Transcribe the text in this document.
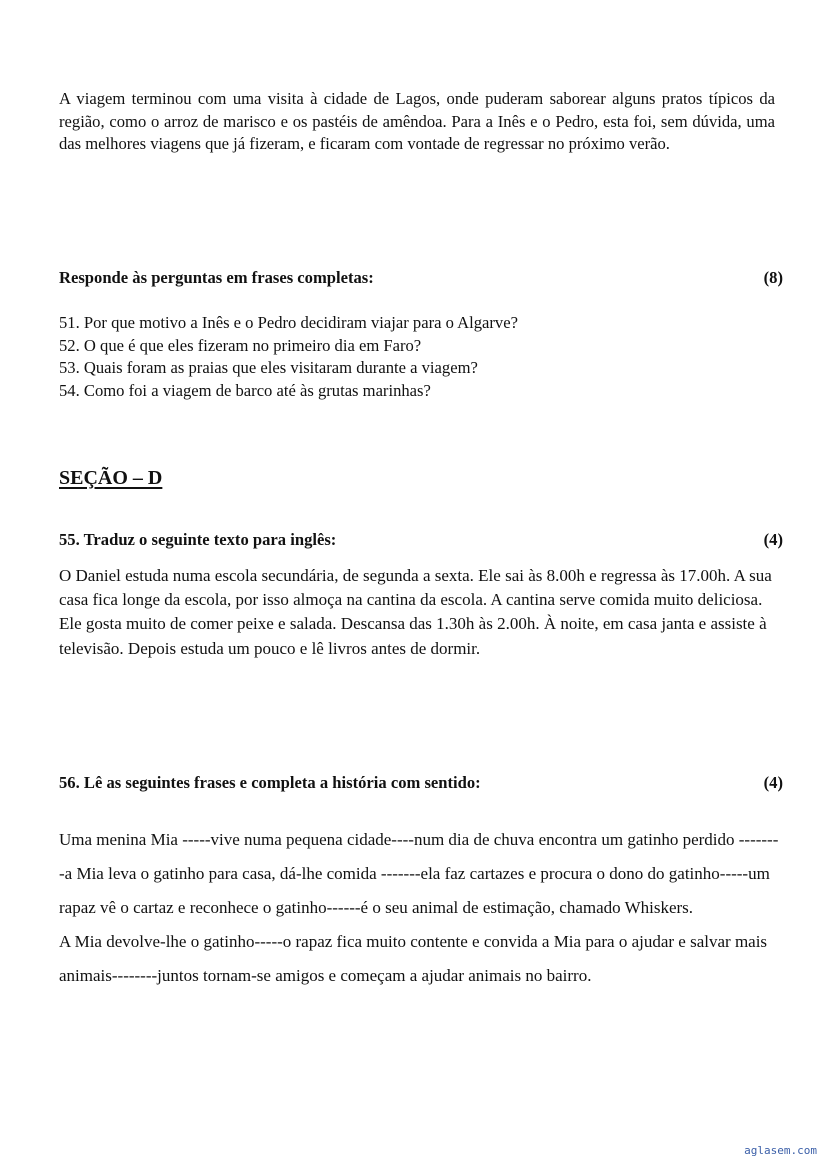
A viagem terminou com uma visita à cidade de Lagos, onde puderam saborear alguns pratos típicos da região, como o arroz de marisco e os pastéis de amêndoa. Para a Inês e o Pedro, esta foi, sem dúvida, uma das melhores viagens que já fizeram, e ficaram com vontade de regressar no próximo verão.

Responde às perguntas em frases completas:	(8)
51. Por que motivo a Inês e o Pedro decidiram viajar para o Algarve?
52. O que é que eles fizeram no primeiro dia em Faro?
53. Quais foram as praias que eles visitaram durante a viagem?
54. Como foi a viagem de barco até às grutas marinhas?
SEÇÃO – D
55. Traduz o seguinte texto para inglês:	(4)

O Daniel estuda numa escola secundária, de segunda a sexta. Ele sai às 8.00h e regressa às 17.00h. A sua casa fica longe da escola, por isso almoça na cantina da escola. A cantina serve comida muito deliciosa. Ele gosta muito de comer peixe e salada. Descansa das 1.30h às 2.00h. À noite, em casa janta e assiste à televisão. Depois estuda um pouco e lê livros antes de dormir.

56. Lê as seguintes frases e completa a história com sentido:	(4)
Uma menina Mia -----vive numa pequena cidade----num dia de chuva encontra um gatinho perdido --------a Mia leva o gatinho para casa, dá-lhe comida -------ela faz cartazes e procura o dono do gatinho-----um rapaz vê o cartaz e reconhece o gatinho------é o seu animal de estimação, chamado Whiskers.
A Mia devolve-lhe o gatinho-----o rapaz fica muito contente e convida a Mia para o ajudar e salvar mais animais--------juntos tornam-se amigos e começam a ajudar animais no bairro.
aglasem.com
